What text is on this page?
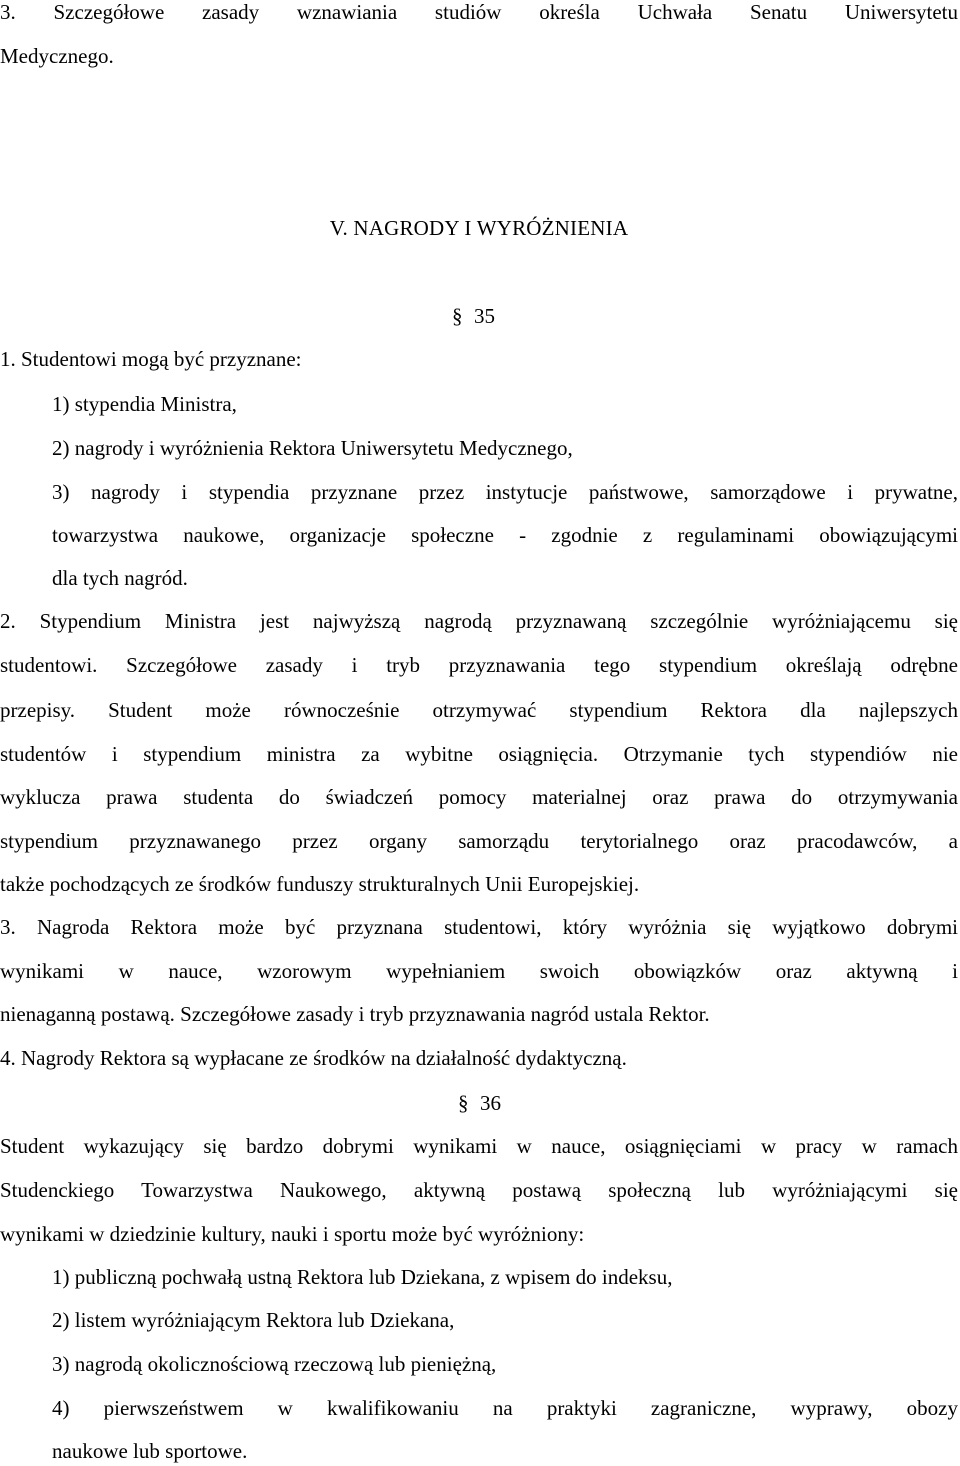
3. Szczegółowe zasady wznawiania studiów określa Uchwała Senatu Uniwersytetu
Medycznego.
V. NAGRODY I WYRÓŻNIENIA
§ 35
1. Studentowi mogą być przyznane:
1) stypendia Ministra,
2) nagrody i wyróżnienia Rektora Uniwersytetu Medycznego,
3) nagrody i stypendia przyznane przez instytucje państwowe, samorządowe i prywatne,
towarzystwa naukowe, organizacje społeczne - zgodnie z regulaminami obowiązującymi
dla tych nagród.
2. Stypendium Ministra jest najwyższą nagrodą przyznawaną szczególnie wyróżniającemu się
studentowi. Szczegółowe zasady i tryb przyznawania tego stypendium określają odrębne
przepisy. Student może równocześnie otrzymywać stypendium Rektora dla najlepszych
studentów i stypendium ministra za wybitne osiągnięcia. Otrzymanie tych stypendiów nie
wyklucza prawa studenta do świadczeń pomocy materialnej oraz prawa do otrzymywania
stypendium przyznawanego przez organy samorządu terytorialnego oraz pracodawców, a
także pochodzących ze środków funduszy strukturalnych Unii Europejskiej.
3. Nagroda Rektora może być przyznana studentowi, który wyróżnia się wyjątkowo dobrymi
wynikami w nauce, wzorowym wypełnianiem swoich obowiązków oraz aktywną i
nienaganną postawą. Szczegółowe zasady i tryb przyznawania nagród ustala Rektor.
4. Nagrody Rektora są wypłacane ze środków na działalność dydaktyczną.
§ 36
Student wykazujący się bardzo dobrymi wynikami w nauce, osiągnięciami w pracy w ramach
Studenckiego Towarzystwa Naukowego, aktywną postawą społeczną lub wyróżniającymi się
wynikami w dziedzinie kultury, nauki i sportu może być wyróżniony:
1) publiczną pochwałą ustną Rektora lub Dziekana, z wpisem do indeksu,
2) listem wyróżniającym Rektora lub Dziekana,
3) nagrodą okolicznościową rzeczową lub pieniężną,
4) pierwszeństwem w kwalifikowaniu na praktyki zagraniczne, wyprawy, obozy
naukowe lub sportowe.
